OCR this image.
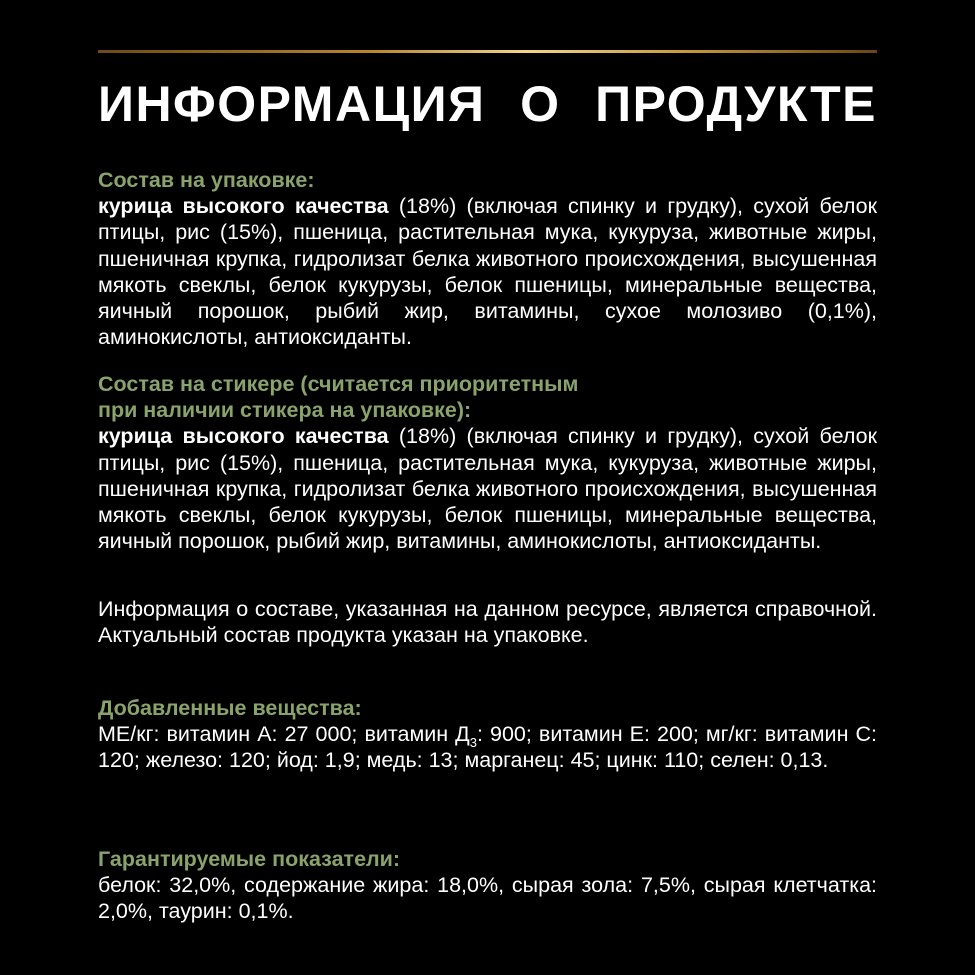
ИНФОРМАЦИЯ О ПРОДУКТЕ
Состав на упаковке:
курица высокого качества (18%) (включая спинку и грудку), сухой белок птицы, рис (15%), пшеница, растительная мука, кукуруза, животные жиры, пшеничная крупка, гидролизат белка животного происхождения, высушенная мякоть свеклы, белок кукурузы, белок пшеницы, минеральные вещества, яичный порошок, рыбий жир, витамины, сухое молозиво (0,1%), аминокислоты, антиоксиданты.
Состав на стикере (считается приоритетным
при наличии стикера на упаковке):
курица высокого качества (18%) (включая спинку и грудку), сухой белок птицы, рис (15%), пшеница, растительная мука, кукуруза, животные жиры, пшеничная крупка, гидролизат белка животного происхождения, высушенная мякоть свеклы, белок кукурузы, белок пшеницы, минеральные вещества, яичный порошок, рыбий жир, витамины, аминокислоты, антиоксиданты.
Информация о составе, указанная на данном ресурсе, является справочной. Актуальный состав продукта указан на упаковке.
Добавленные вещества:
МЕ/кг: витамин А: 27 000; витамин $Д_3$: 900; витамин Е: 200; мг/кг: витамин С: 120; железо: 120; йод: 1,9; медь: 13; марганец: 45; цинк: 110; селен: 0,13.
Гарантируемые показатели:
белок: 32,0%, содержание жира: 18,0%, сырая зола: 7,5%, сырая клетчатка: 2,0%, таурин: 0,1%.
